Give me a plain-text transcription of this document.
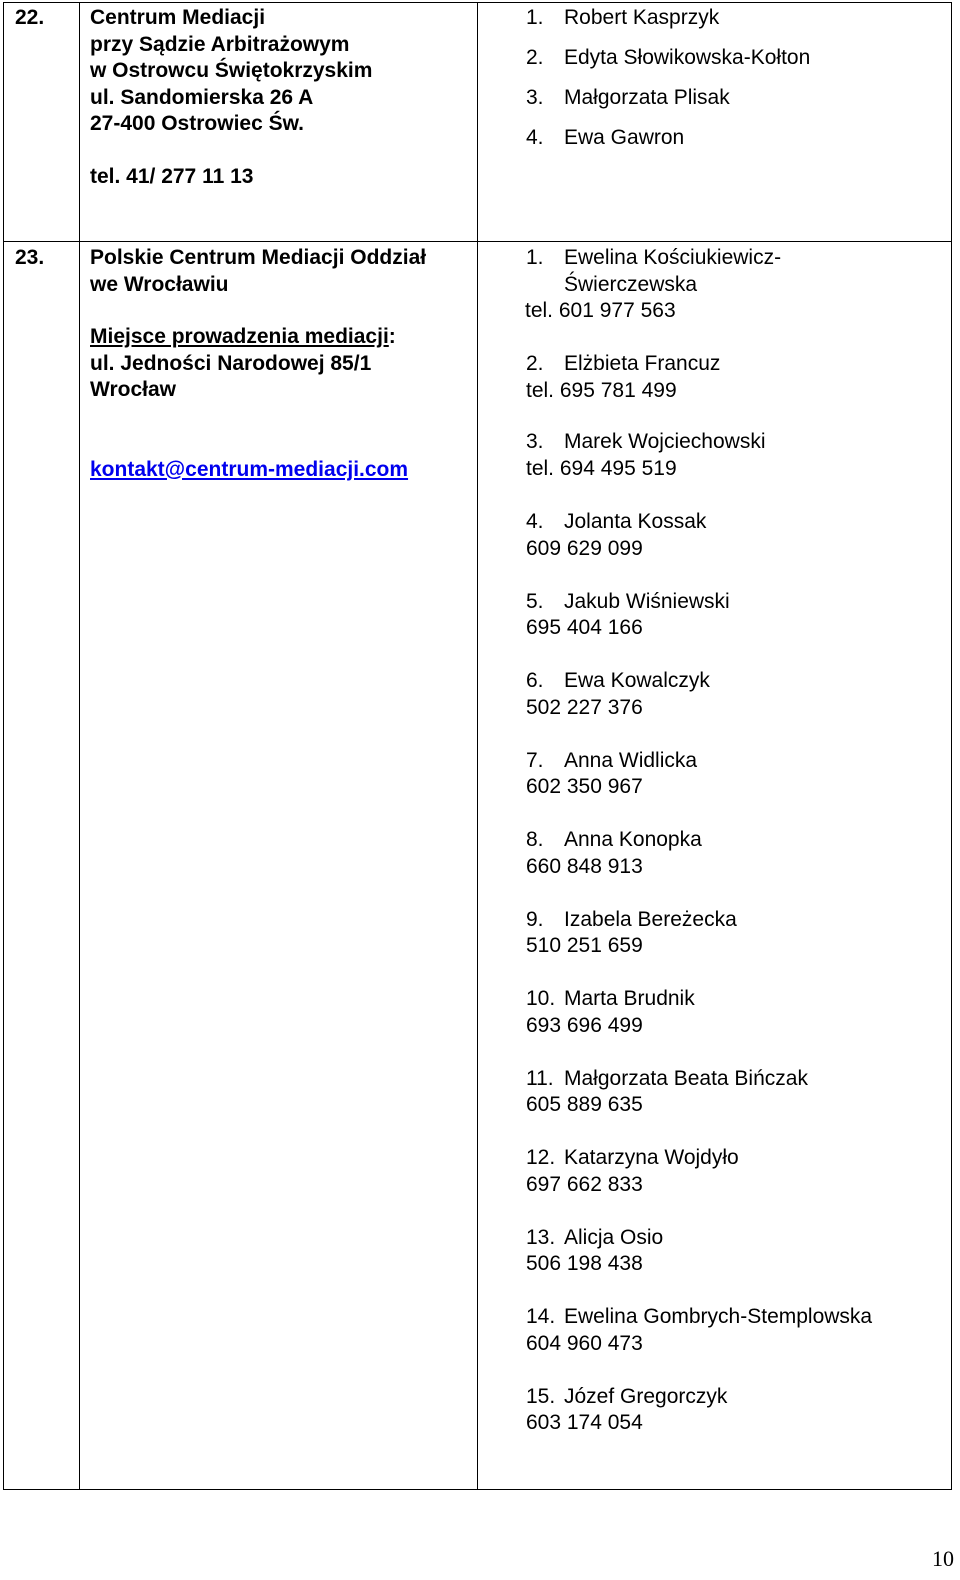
22.	Centrum Mediacji
przy Sądzie Arbitrażowym
w Ostrowcu Świętokrzyskim
ul. Sandomierska 26 A
27-400 Ostrowiec Św.
tel. 41/ 277 11 13
1. Robert Kasprzyk
2. Edyta Słowikowska-Kołton
3. Małgorzata Plisak
4. Ewa Gawron
23.	Polskie Centrum Mediacji Oddział
we Wrocławiu
Miejsce prowadzenia mediacji:
ul. Jedności Narodowej 85/1
Wrocław
kontakt@centrum-mediacji.com
1. Ewelina Kościukiewicz-
Świerczewska
tel. 601 977 563
2. Elżbieta Francuz
tel. 695 781 499
3. Marek Wojciechowski
tel. 694 495 519
4. Jolanta Kossak
609 629 099
5. Jakub Wiśniewski
695 404 166
6. Ewa Kowalczyk
502 227 376
7. Anna Widlicka
602 350 967
8. Anna Konopka
660 848 913
9. Izabela Bereżecka
510 251 659
10. Marta Brudnik
693 696 499
11. Małgorzata Beata Bińczak
605 889 635
12. Katarzyna Wojdyło
697 662 833
13. Alicja Osio
506 198 438
14. Ewelina Gombrych-Stemplowska
604 960 473
15. Józef Gregorczyk
603 174 054
10
